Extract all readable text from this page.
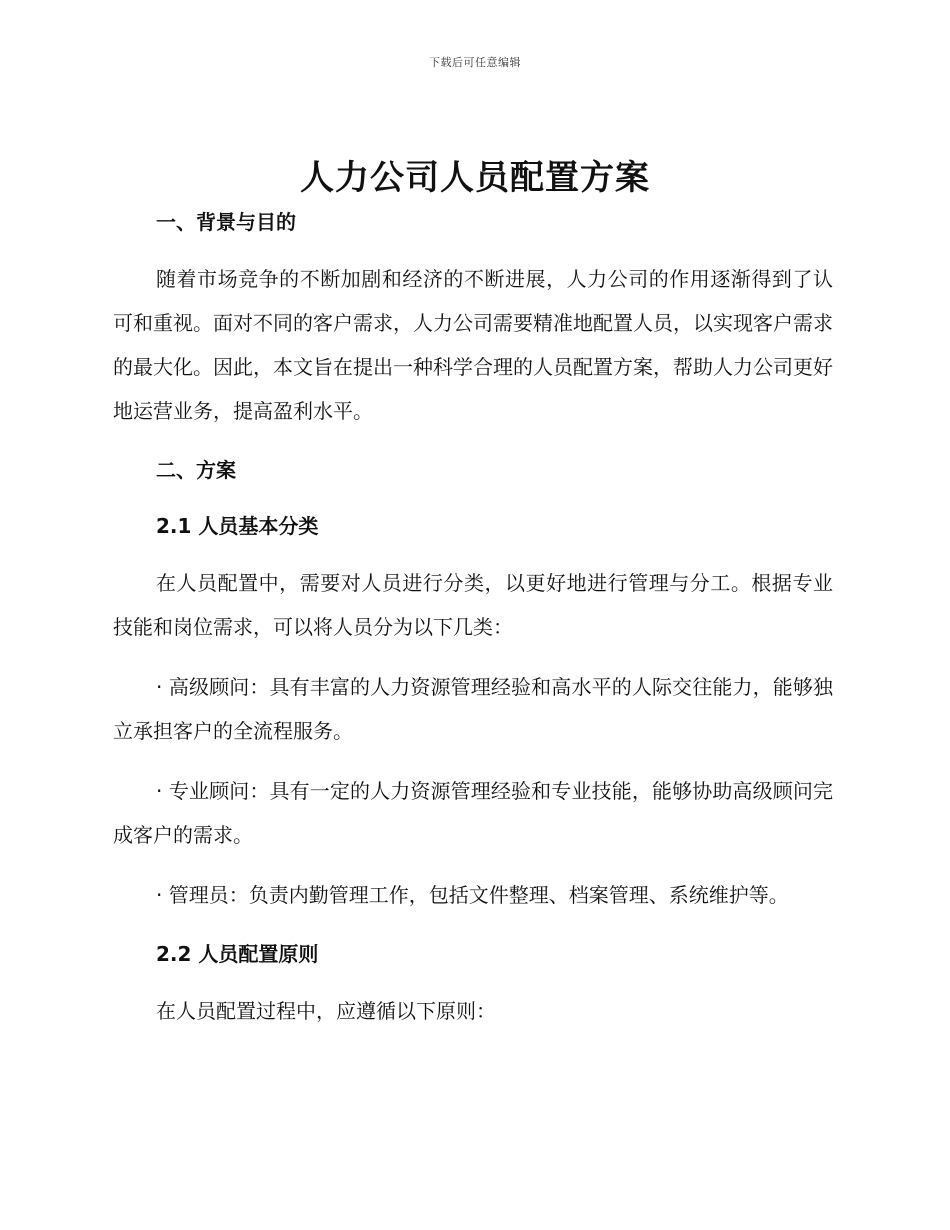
下载后可任意编辑
人力公司人员配置方案
一、背景与目的

随着市场竞争的不断加剧和经济的不断进展，人力公司的作用逐渐得到了认可和重视。面对不同的客户需求，人力公司需要精准地配置人员，以实现客户需求的最大化。因此，本文旨在提出一种科学合理的人员配置方案，帮助人力公司更好地运营业务，提高盈利水平。

二、方案
2.1 人员基本分类

在人员配置中，需要对人员进行分类，以更好地进行管理与分工。根据专业技能和岗位需求，可以将人员分为以下几类：

· 高级顾问：具有丰富的人力资源管理经验和高水平的人际交往能力，能够独立承担客户的全流程服务。

· 专业顾问：具有一定的人力资源管理经验和专业技能，能够协助高级顾问完成客户的需求。

· 管理员：负责内勤管理工作，包括文件整理、档案管理、系统维护等。

2.2 人员配置原则

在人员配置过程中，应遵循以下原则：
